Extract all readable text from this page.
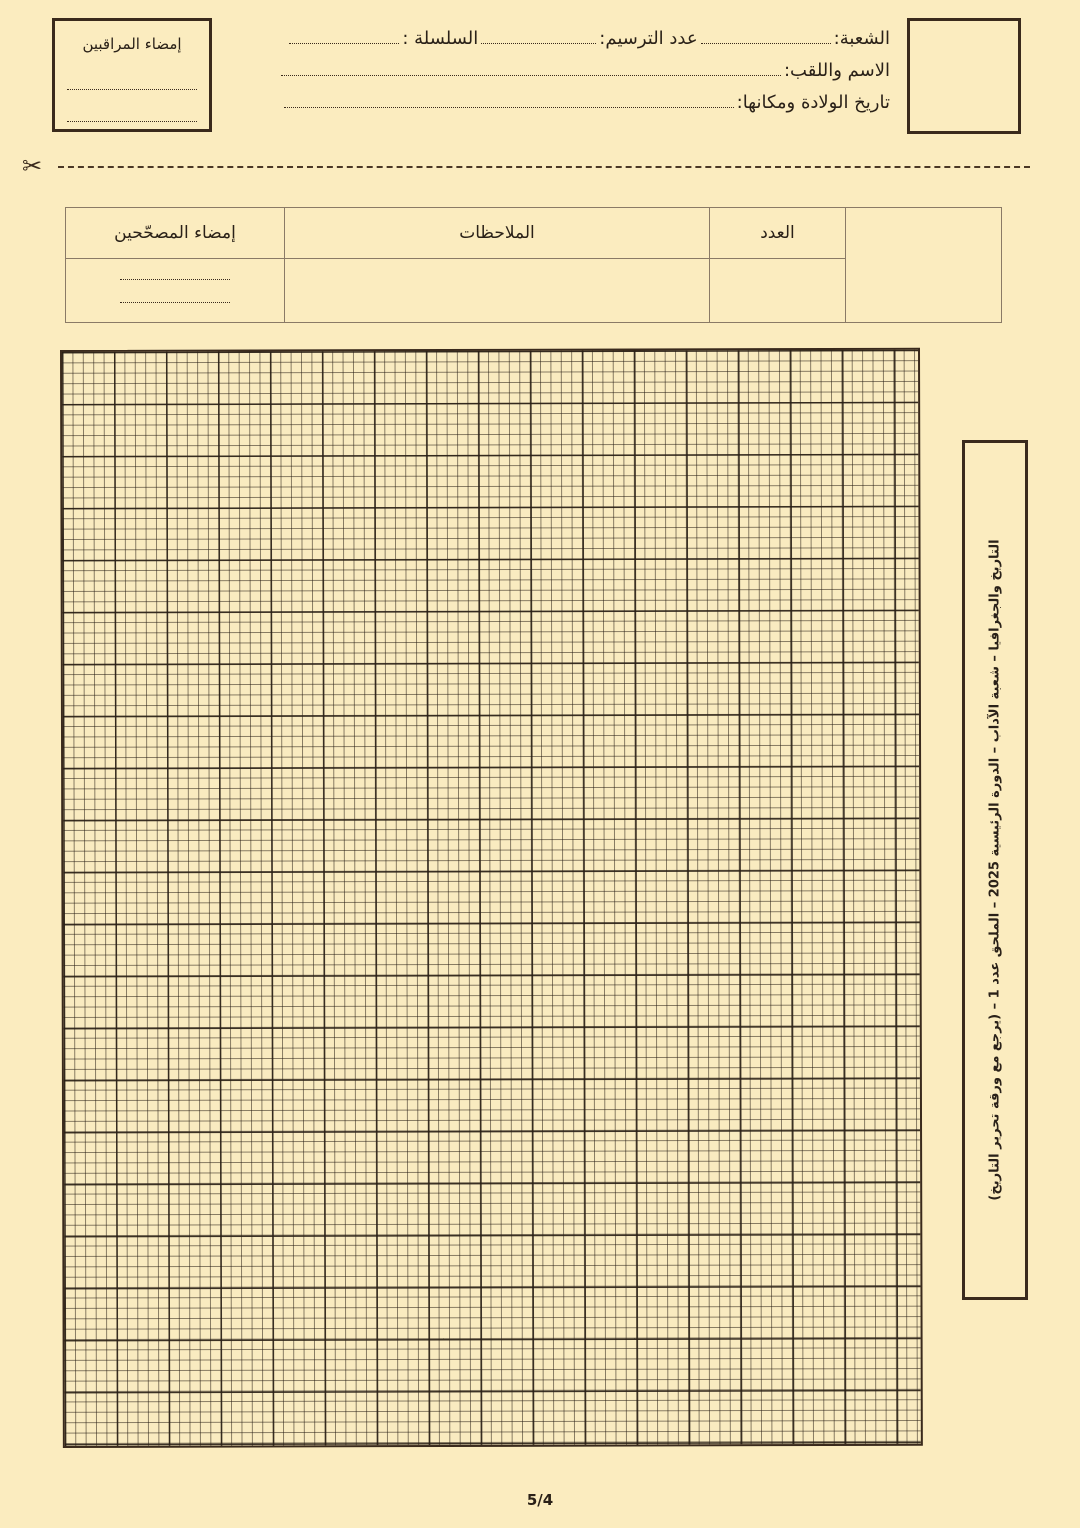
إمضاء المراقبين	الشعبة:
عدد الترسيم:
السلسلة :
الاسم واللقب:
تاريخ الولادة ومكانها:
✂
	العدد	الملاحظات	إمضاء المصحّحين

التاريخ والجغرافيا – شعبة الآداب – الدورة الرئيسية 2025 – الملحق عدد 1 – (يرجع مع ورقة تحرير التاريخ)
5/4
